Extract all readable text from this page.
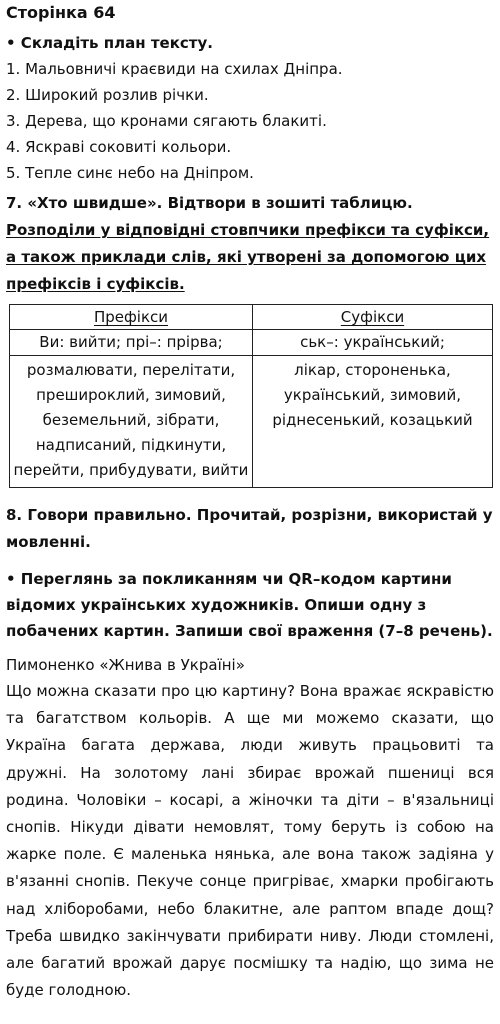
Сторінка 64
• Складіть план тексту.
1. Мальовничі краєвиди на схилах Дніпра.
2. Широкий розлив річки.
3. Дерева, що кронами сягають блакиті.
4. Яскраві соковиті кольори.
5. Тепле синє небо на Дніпром.
7. «Хто швидше». Відтвори в зошиті таблицю. Розподіли у відповідні стовпчики префікси та суфікси, а також приклади слів, які утворені за допомогою цих префіксів і суфіксів.
Префікси	Суфікси
Ви: вийти; прі–: прірва;	ськ–: український;
розмалювати, перелітати, прешироклий, зимовий, беземельний, зібрати, надписаний, підкинути, перейти, прибудувати, вийти	лікар, стороненька, український, зимовий, ріднесенький, козацький
8. Говори правильно. Прочитай, розрізни, використай у мовленні.
• Переглянь за покликанням чи QR–кодом картини відомих українських художників. Опиши одну з побачених картин. Запиши свої враження (7–8 речень).
Пимоненко «Жнива в Україні»

Що можна сказати про цю картину? Вона вражає яскравістю та багатством кольорів. А ще ми можемо сказати, що Україна багата держава, люди живуть працьовиті та дружні. На золотому лані збирає врожай пшениці вся родина. Чоловіки – косарі, а жіночки та діти – в'язальниці снопів. Нікуди дівати немовлят, тому беруть із собою на жарке поле. Є маленька нянька, але вона також задіяна у в'язанні снопів. Пекуче сонце пригріває, хмарки пробігають над хліборобами, небо блакитне, але раптом впаде дощ? Треба швидко закінчувати прибирати ниву. Люди стомлені, але багатий врожай дарує посмішку та надію, що зима не буде голодною.
